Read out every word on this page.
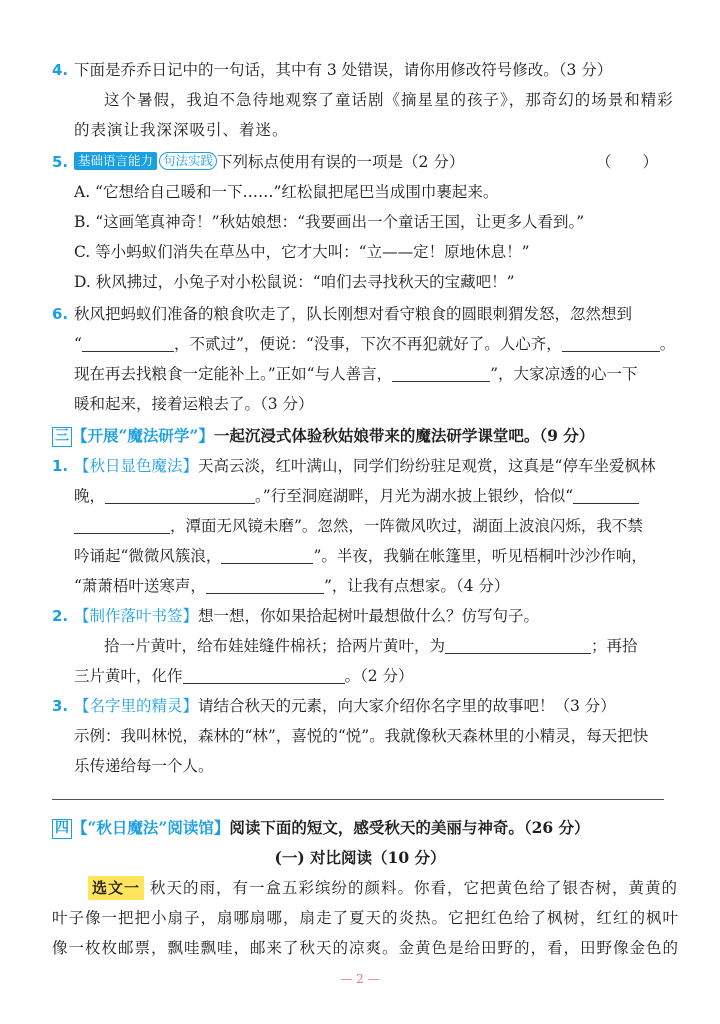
4. 下面是乔乔日记中的一句话，其中有 3 处错误，请你用修改符号修改。（3 分）
这个暑假，我迫不急待地观察了童话剧《摘星星的孩子》，那奇幻的场景和精彩
的表演让我深深吸引、着迷。
5. 基础语言能力 句法实践 下列标点使用有误的一项是（2 分）	（　　）
A. “它想给自己暖和一下……”红松鼠把尾巴当成围巾裹起来。
B. “这画笔真神奇！”秋姑娘想：“我要画出一个童话王国，让更多人看到。”
C. 等小蚂蚁们消失在草丛中，它才大叫：“立——定！原地休息！”
D. 秋风拂过，小兔子对小松鼠说：“咱们去寻找秋天的宝藏吧！”
6. 秋风把蚂蚁们准备的粮食吹走了，队长刚想对看守粮食的圆眼刺猬发怒，忽然想到
“	，不贰过”，便说：“没事，下次不再犯就好了。人心齐，	。
现在再去找粮食一定能补上。”正如“与人善言，	”，大家凉透的心一下
暖和起来，接着运粮去了。（3 分）
三 【开展“魔法研学”】一起沉浸式体验秋姑娘带来的魔法研学课堂吧。（9 分）
1. 【秋日显色魔法】天高云淡，红叶满山，同学们纷纷驻足观赏，这真是“停车坐爱枫林
晚，	。”行至洞庭湖畔，月光为湖水披上银纱，恰似“
，潭面无风镜未磨”。忽然，一阵微风吹过，湖面上波浪闪烁，我不禁
吟诵起“微微风簇浪，	”。半夜，我躺在帐篷里，听见梧桐叶沙沙作响，
“萧萧梧叶送寒声，	”，让我有点想家。（4 分）
2. 【制作落叶书签】想一想，你如果拾起树叶最想做什么？仿写句子。
拾一片黄叶，给布娃娃缝件棉袄；拾两片黄叶，为	；再拾
三片黄叶，化作	。（2 分）
3. 【名字里的精灵】请结合秋天的元素，向大家介绍你名字里的故事吧！（3 分）
示例：我叫林悦，森林的“林”，喜悦的“悦”。我就像秋天森林里的小精灵，每天把快
乐传递给每一个人。
四 【“秋日魔法”阅读馆】阅读下面的短文，感受秋天的美丽与神奇。（26 分）
(一) 对比阅读（10 分）
选文一 秋天的雨，有一盒五彩缤纷的颜料。你看，它把黄色给了银杏树，黄黄的
叶子像一把把小扇子，扇哪扇哪，扇走了夏天的炎热。它把红色给了枫树，红红的枫叶
像一枚枚邮票，飘哇飘哇，邮来了秋天的凉爽。金黄色是给田野的，看，田野像金色的
— 2 —
